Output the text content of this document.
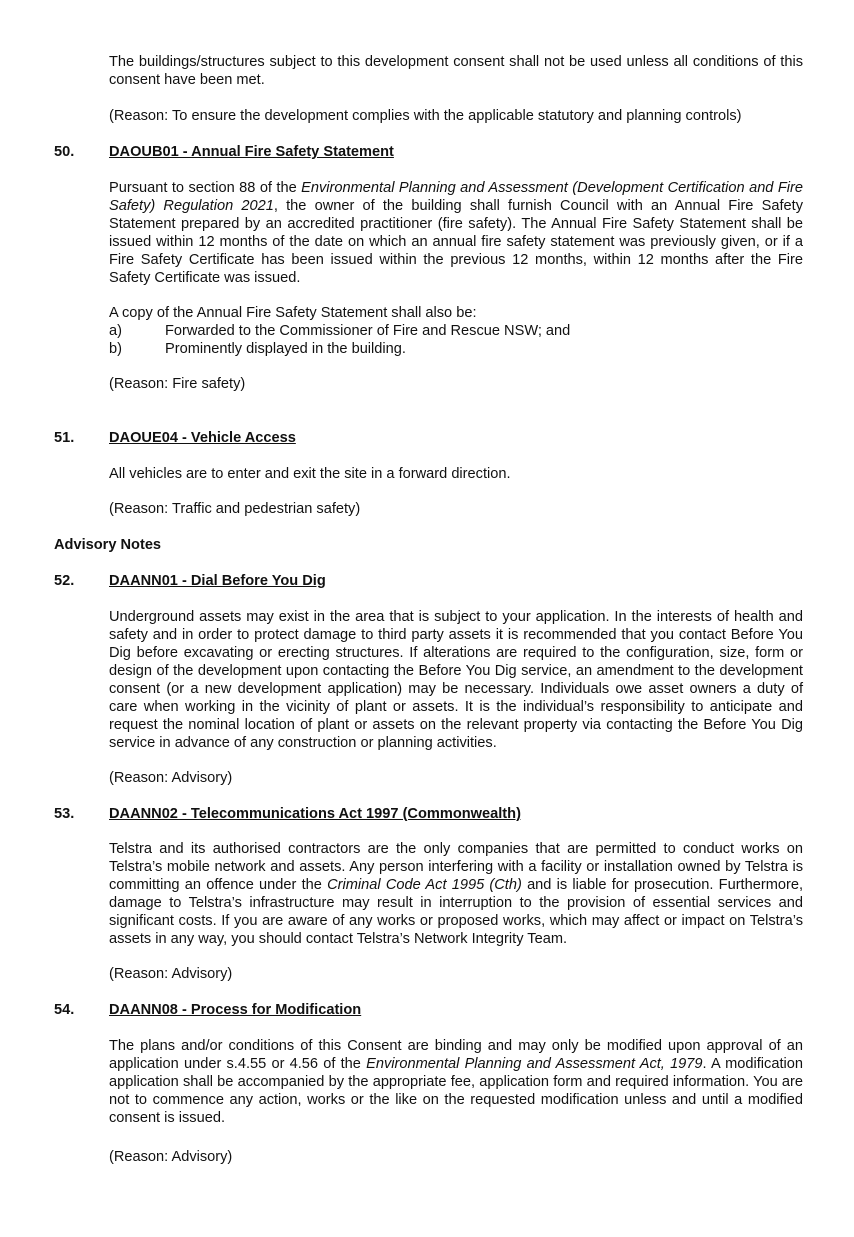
The buildings/structures subject to this development consent shall not be used unless all conditions of this consent have been met.

(Reason: To ensure the development complies with the applicable statutory and planning controls)

50. DAOUB01 - Annual Fire Safety Statement

Pursuant to section 88 of the Environmental Planning and Assessment (Development Certification and Fire Safety) Regulation 2021, the owner of the building shall furnish Council with an Annual Fire Safety Statement prepared by an accredited practitioner (fire safety). The Annual Fire Safety Statement shall be issued within 12 months of the date on which an annual fire safety statement was previously given, or if a Fire Safety Certificate has been issued within the previous 12 months, within 12 months after the Fire Safety Certificate was issued.

A copy of the Annual Fire Safety Statement shall also be:

a)	Forwarded to the Commissioner of Fire and Rescue NSW; and

b)	Prominently displayed in the building.

(Reason: Fire safety)

51. DAOUE04 - Vehicle Access

All vehicles are to enter and exit the site in a forward direction.

(Reason: Traffic and pedestrian safety)

Advisory Notes

52. DAANN01 - Dial Before You Dig

Underground assets may exist in the area that is subject to your application. In the interests of health and safety and in order to protect damage to third party assets it is recommended that you contact Before You Dig before excavating or erecting structures. If alterations are required to the configuration, size, form or design of the development upon contacting the Before You Dig service, an amendment to the development consent (or a new development application) may be necessary. Individuals owe asset owners a duty of care when working in the vicinity of plant or assets. It is the individual’s responsibility to anticipate and request the nominal location of plant or assets on the relevant property via contacting the Before You Dig service in advance of any construction or planning activities.

(Reason: Advisory)

53. DAANN02 - Telecommunications Act 1997 (Commonwealth)

Telstra and its authorised contractors are the only companies that are permitted to conduct works on Telstra’s mobile network and assets. Any person interfering with a facility or installation owned by Telstra is committing an offence under the Criminal Code Act 1995 (Cth) and is liable for prosecution. Furthermore, damage to Telstra’s infrastructure may result in interruption to the provision of essential services and significant costs. If you are aware of any works or proposed works, which may affect or impact on Telstra’s assets in any way, you should contact Telstra’s Network Integrity Team.

(Reason: Advisory)

54. DAANN08 - Process for Modification

The plans and/or conditions of this Consent are binding and may only be modified upon approval of an application under s.4.55 or 4.56 of the Environmental Planning and Assessment Act, 1979. A modification application shall be accompanied by the appropriate fee, application form and required information. You are not to commence any action, works or the like on the requested modification unless and until a modified consent is issued.

(Reason: Advisory)
